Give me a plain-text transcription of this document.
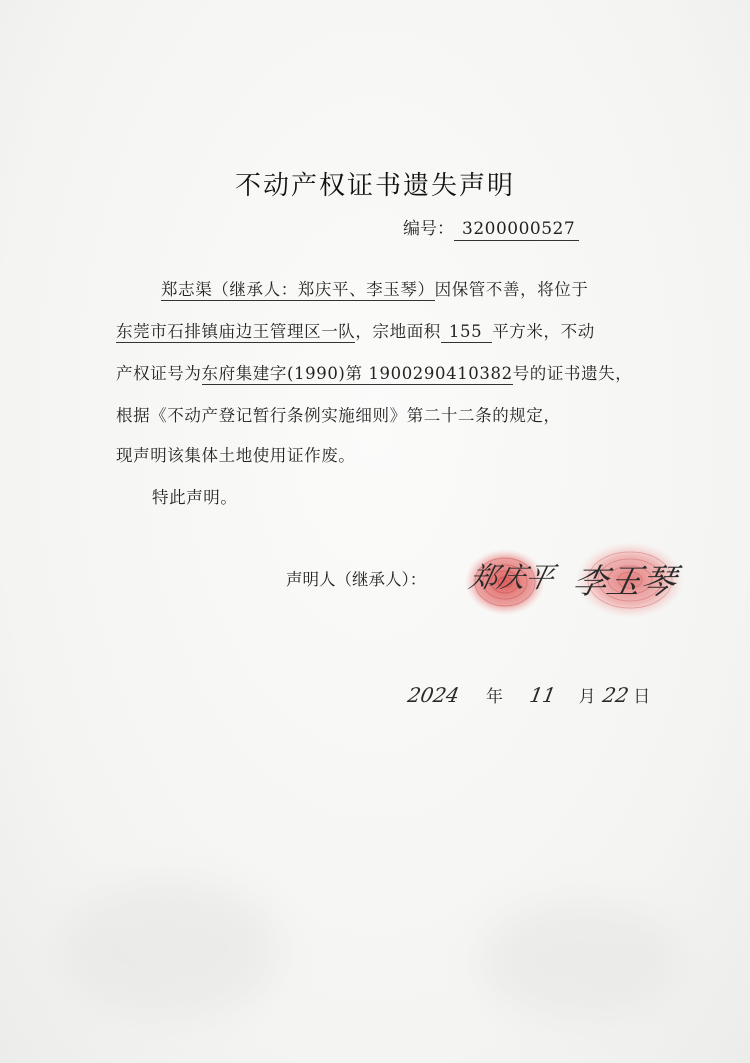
不动产权证书遗失声明
编号： 3200000527
郑志渠（继承人：郑庆平、李玉琴）因保管不善，将位于
东莞市石排镇庙边王管理区一队，宗地面积 155 平方米，不动
产权证号为东府集建字(1990)第 1900290410382号的证书遗失，
根据《不动产登记暂行条例实施细则》第二十二条的规定，
现声明该集体土地使用证作废。
特此声明。
声明人（继承人）： 郑庆平 李玉琴
2024 年 11 月 22 日
